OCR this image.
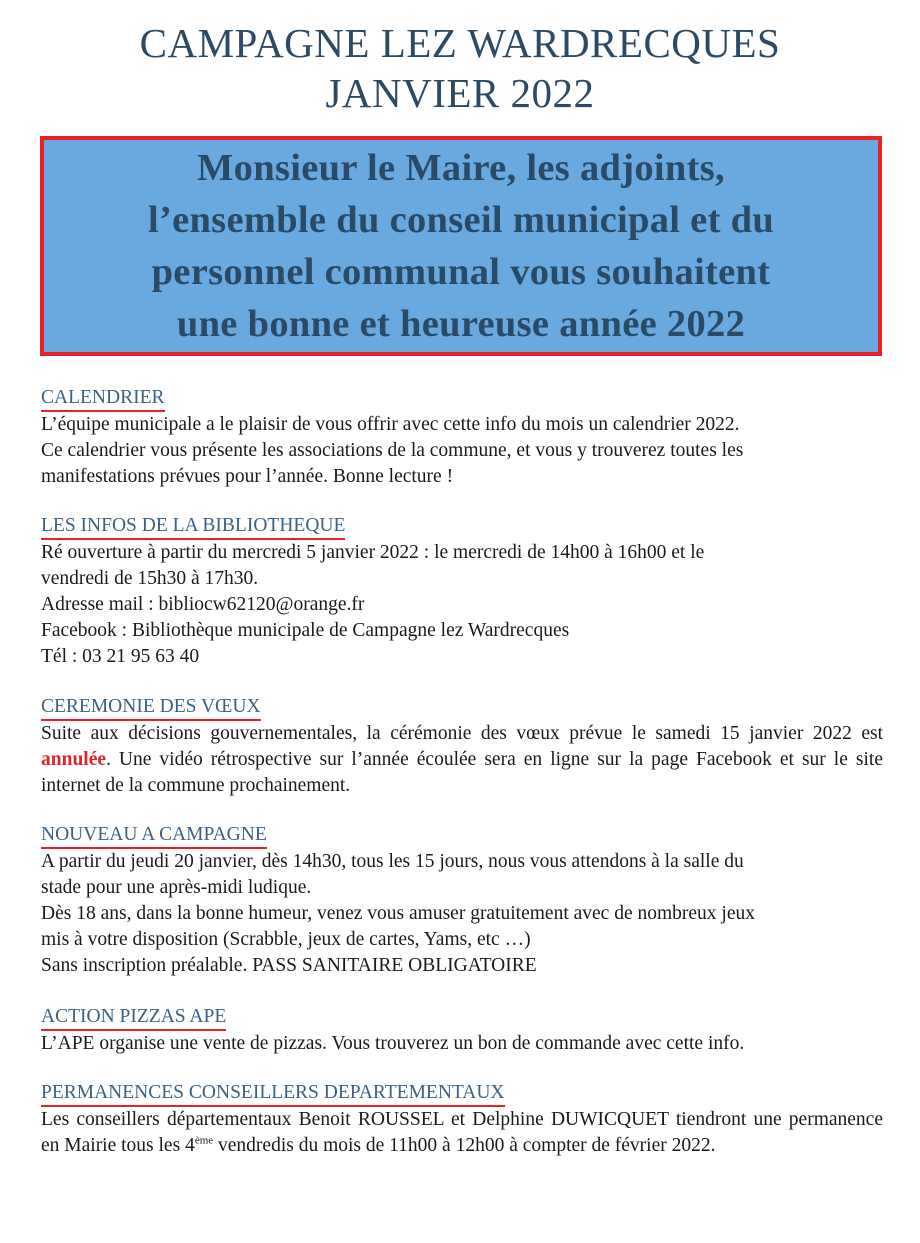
CAMPAGNE LEZ WARDRECQUES
JANVIER 2022
Monsieur le Maire, les adjoints,
l’ensemble du conseil municipal et du
personnel communal vous souhaitent
une bonne et heureuse année 2022
CALENDRIER

L’équipe municipale a le plaisir de vous offrir avec cette info du mois un calendrier 2022.

Ce calendrier vous présente les associations de la commune, et vous y trouverez toutes les

manifestations prévues pour l’année. Bonne lecture !

LES INFOS DE LA BIBLIOTHEQUE

Ré ouverture à partir du mercredi 5 janvier 2022 : le mercredi de 14h00 à 16h00 et le

vendredi de 15h30 à 17h30.

Adresse mail : bibliocw62120@orange.fr

Facebook : Bibliothèque municipale de Campagne lez Wardrecques

Tél : 03 21 95 63 40

CEREMONIE DES VŒUX
Suite aux décisions gouvernementales, la cérémonie des vœux prévue le samedi 15 janvier 2022 est annulée. Une vidéo rétrospective sur l’année écoulée sera en ligne sur la page Facebook et sur le site internet de la commune prochainement.
NOUVEAU A CAMPAGNE

A partir du jeudi 20 janvier, dès 14h30, tous les 15 jours, nous vous attendons à la salle du

stade pour une après-midi ludique.

Dès 18 ans, dans la bonne humeur, venez vous amuser gratuitement avec de nombreux jeux

mis à votre disposition (Scrabble, jeux de cartes, Yams, etc …)

Sans inscription préalable. PASS SANITAIRE OBLIGATOIRE

ACTION PIZZAS APE

L’APE organise une vente de pizzas. Vous trouverez un bon de commande avec cette info.

PERMANENCES CONSEILLERS DEPARTEMENTAUX
Les conseillers départementaux Benoit ROUSSEL et Delphine DUWICQUET tiendront une permanence en Mairie tous les 4ème vendredis du mois de 11h00 à 12h00 à compter de février 2022.
